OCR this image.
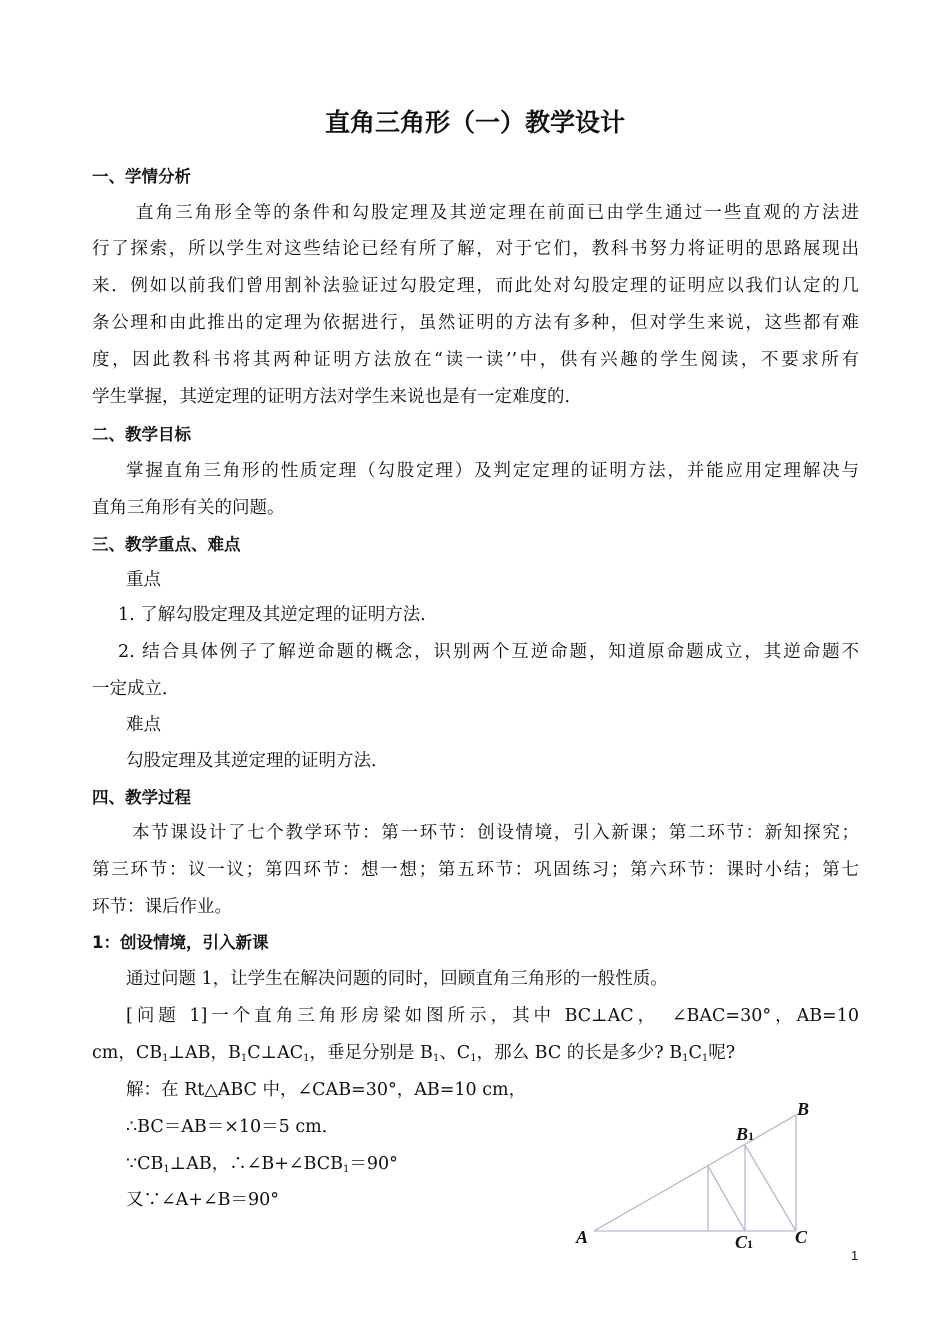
直角三角形（一）教学设计
一、学情分析
直角三角形全等的条件和勾股定理及其逆定理在前面已由学生通过一些直观的方法进
行了探索，所以学生对这些结论已经有所了解，对于它们，教科书努力将证明的思路展现出
来．例如以前我们曾用割补法验证过勾股定理，而此处对勾股定理的证明应以我们认定的几
条公理和由此推出的定理为依据进行，虽然证明的方法有多种，但对学生来说，这些都有难
度，因此教科书将其两种证明方法放在“读一读’’中，供有兴趣的学生阅读，不要求所有
学生掌握，其逆定理的证明方法对学生来说也是有一定难度的．
二、教学目标
掌握直角三角形的性质定理（勾股定理）及判定定理的证明方法，并能应用定理解决与
直角三角形有关的问题。
三、教学重点、难点
重点
1. 了解勾股定理及其逆定理的证明方法．
2. 结合具体例子了解逆命题的概念，识别两个互逆命题，知道原命题成立，其逆命题不
一定成立．
难点
勾股定理及其逆定理的证明方法．
四、教学过程
本节课设计了七个教学环节：第一环节：创设情境，引入新课；第二环节：新知探究；
第三环节：议一议；第四环节：想一想；第五环节：巩固练习；第六环节：课时小结；第七
环节：课后作业。
1：创设情境，引入新课
通过问题 1，让学生在解决问题的同时，回顾直角三角形的一般性质。
[问题 1]一个直角三角形房梁如图所示，其中 BC⊥AC，　∠BAC=30°，AB=10
cm，$CB_1\perp AB$，$B_1C\perp AC_1$，垂足分别是 $B_1$、$C_1$，那么 BC 的长是多少? $B_1C_1$呢?
解：在 Rt△ABC 中，∠CAB=30°，AB=10 cm，
∴BC＝AB＝×10＝5 cm．
$\because CB_1\perp AB$，$\therefore\angle B+\angle BCB_1=90^\circ$
又∵∠A+∠B＝90°
B
B1
A	C1 C
1
